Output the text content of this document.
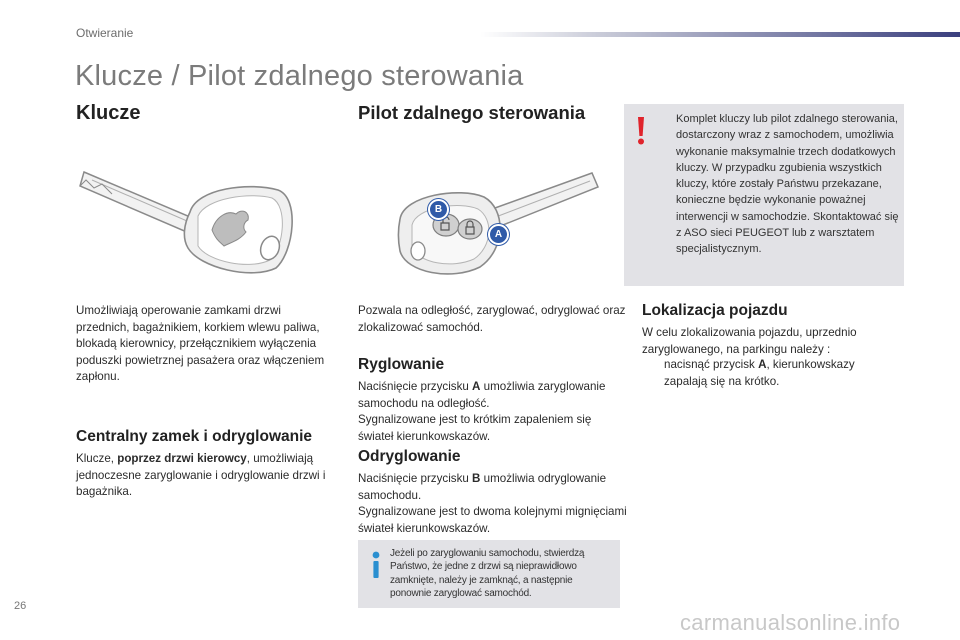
Otwieranie
Klucze / Pilot zdalnego sterowania
Klucze
Umożliwiają operowanie zamkami drzwi przednich, bagażnikiem, korkiem wlewu paliwa, blokadą kierownicy, przełącznikiem wyłączenia poduszki powietrznej pasażera oraz włączeniem zapłonu.
Centralny zamek i odryglowanie
Klucze, poprzez drzwi kierowcy, umożliwiają jednoczesne zaryglowanie i odryglowanie drzwi i bagażnika.
Pilot zdalnego sterowania
B
A
Pozwala na odległość, zaryglować, odryglować oraz zlokalizować samochód.
Ryglowanie
Naciśnięcie przycisku A umożliwia zaryglowanie samochodu na odległość.
Sygnalizowane jest to krótkim zapaleniem się świateł kierunkowskazów.
Odryglowanie
Naciśnięcie przycisku B umożliwia odryglowanie samochodu.
Sygnalizowane jest to dwoma kolejnymi mignięciami świateł kierunkowskazów.
Jeżeli po zaryglowaniu samochodu, stwierdzą Państwo, że jedne z drzwi są nieprawidłowo zamknięte, należy je zamknąć, a następnie ponownie zaryglować samochód.
Komplet kluczy lub pilot zdalnego sterowania, dostarczony wraz z samochodem, umożliwia wykonanie maksymalnie trzech dodatkowych kluczy. W przypadku zgubienia wszystkich kluczy, które zostały Państwu przekazane, konieczne będzie wykonanie poważnej interwencji w samochodzie. Skontaktować się z ASO sieci PEUGEOT lub z warsztatem specjalistycznym.
Lokalizacja pojazdu
W celu zlokalizowania pojazdu, uprzednio zaryglowanego, na parkingu należy :
nacisnąć przycisk A, kierunkowskazy zapalają się na krótko.
26
carmanualsonline.info
